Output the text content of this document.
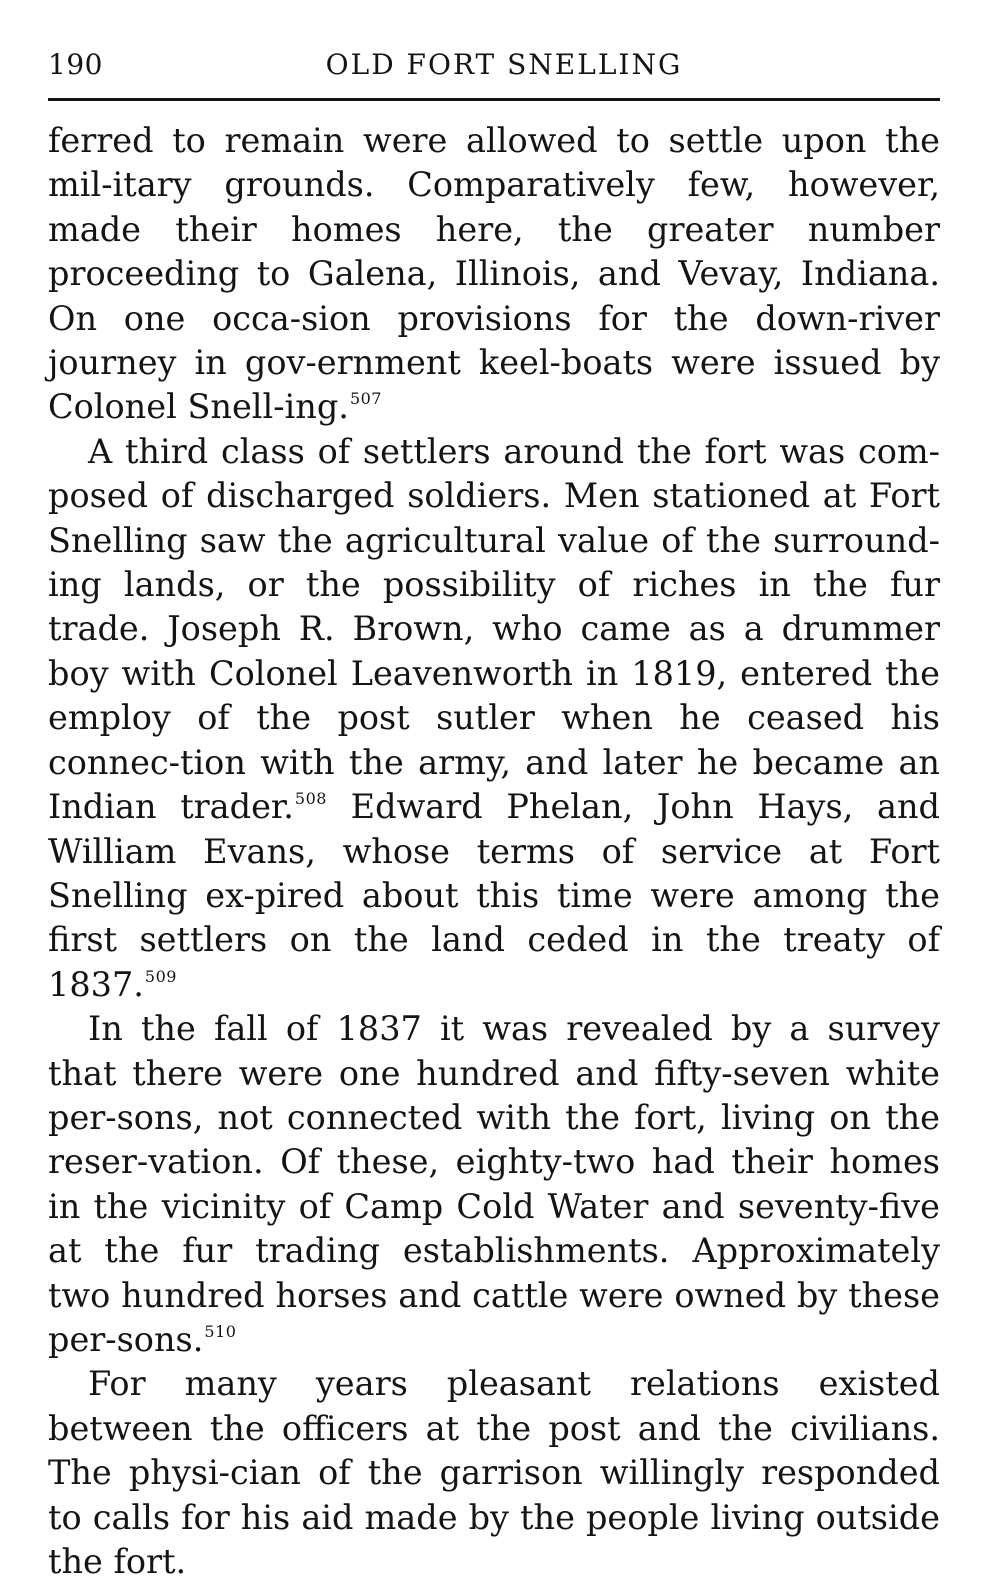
190	OLD FORT SNELLING

ferred to remain were allowed to settle upon the mil-itary grounds. Comparatively few, however, made their homes here, the greater number proceeding to Galena, Illinois, and Vevay, Indiana. On one occa-sion provisions for the down-river journey in gov-ernment keel-boats were issued by Colonel Snell-ing.$^{507}$

A third class of settlers around the fort was com-posed of discharged soldiers. Men stationed at Fort Snelling saw the agricultural value of the surround-ing lands, or the possibility of riches in the fur trade. Joseph R. Brown, who came as a drummer boy with Colonel Leavenworth in 1819, entered the employ of the post sutler when he ceased his connec-tion with the army, and later he became an Indian trader.$^{508}$ Edward Phelan, John Hays, and William Evans, whose terms of service at Fort Snelling ex-pired about this time were among the first settlers on the land ceded in the treaty of 1837.$^{509}$

In the fall of 1837 it was revealed by a survey that there were one hundred and fifty-seven white per-sons, not connected with the fort, living on the reser-vation. Of these, eighty-two had their homes in the vicinity of Camp Cold Water and seventy-five at the fur trading establishments. Approximately two hundred horses and cattle were owned by these per-sons.$^{510}$

For many years pleasant relations existed between the officers at the post and the civilians. The physi-cian of the garrison willingly responded to calls for his aid made by the people living outside the fort.
